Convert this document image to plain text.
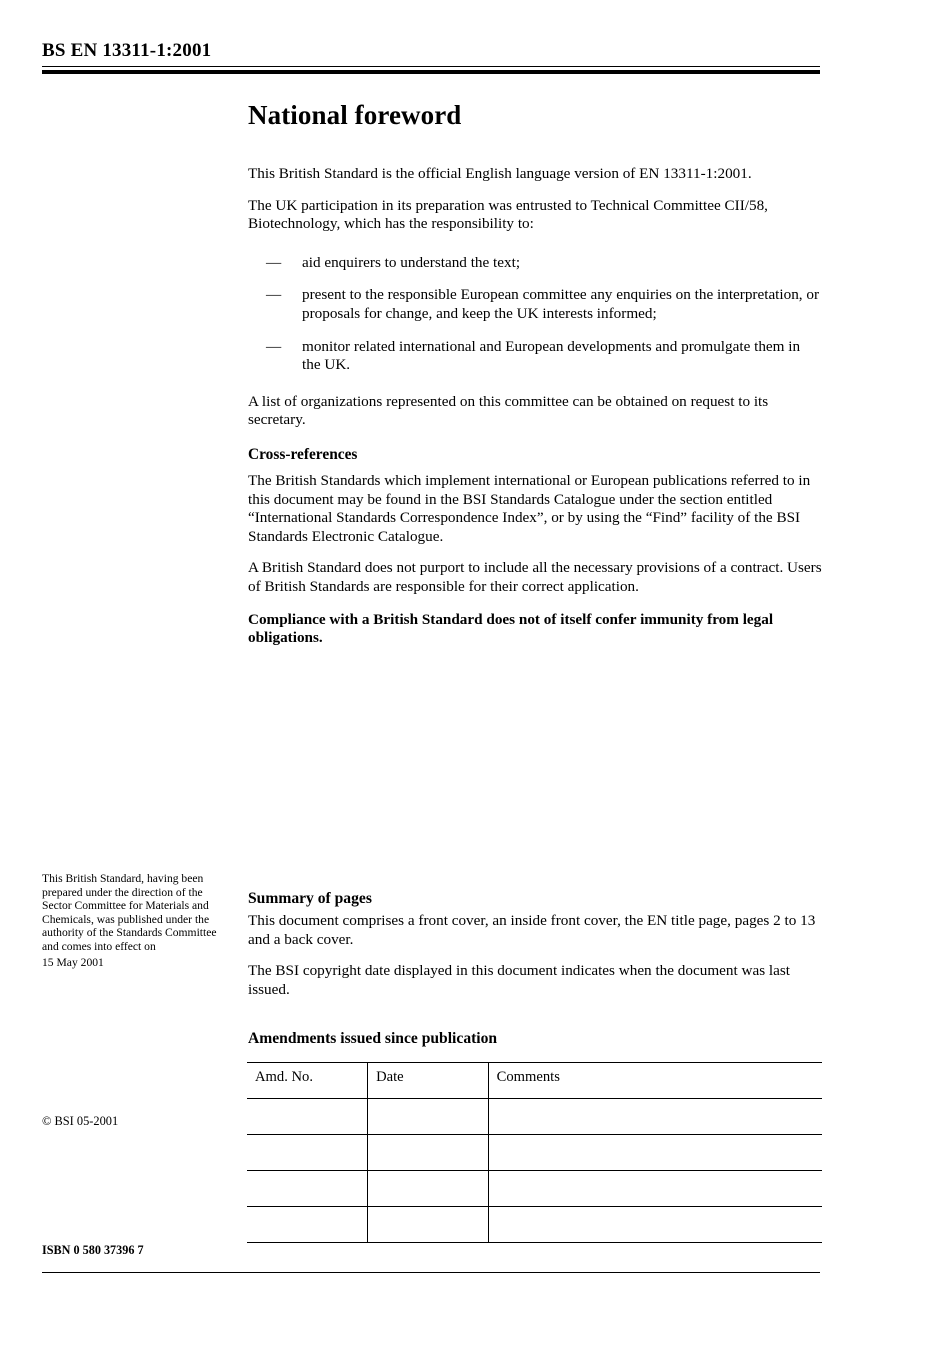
BS EN 13311-1:2001
National foreword

This British Standard is the official English language version of EN 13311-1:2001.

The UK participation in its preparation was entrusted to Technical Committee CII/58, Biotechnology, which has the responsibility to:

— aid enquirers to understand the text;
— present to the responsible European committee any enquiries on the interpretation, or proposals for change, and keep the UK interests informed;
— monitor related international and European developments and promulgate them in the UK.

A list of organizations represented on this committee can be obtained on request to its secretary.

Cross-references

The British Standards which implement international or European publications referred to in this document may be found in the BSI Standards Catalogue under the section entitled “International Standards Correspondence Index”, or by using the “Find” facility of the BSI Standards Electronic Catalogue.

A British Standard does not purport to include all the necessary provisions of a contract. Users of British Standards are responsible for their correct application.

Compliance with a British Standard does not of itself confer immunity from legal obligations.

This British Standard, having been prepared under the direction of the Sector Committee for Materials and Chemicals, was published under the authority of the Standards Committee and comes into effect on
15 May 2001
© BSI 05-2001
ISBN 0 580 37396 7
Summary of pages

This document comprises a front cover, an inside front cover, the EN title page, pages 2 to 13 and a back cover.

The BSI copyright date displayed in this document indicates when the document was last issued.

Amendments issued since publication
Amd. No.	Date	Comments
